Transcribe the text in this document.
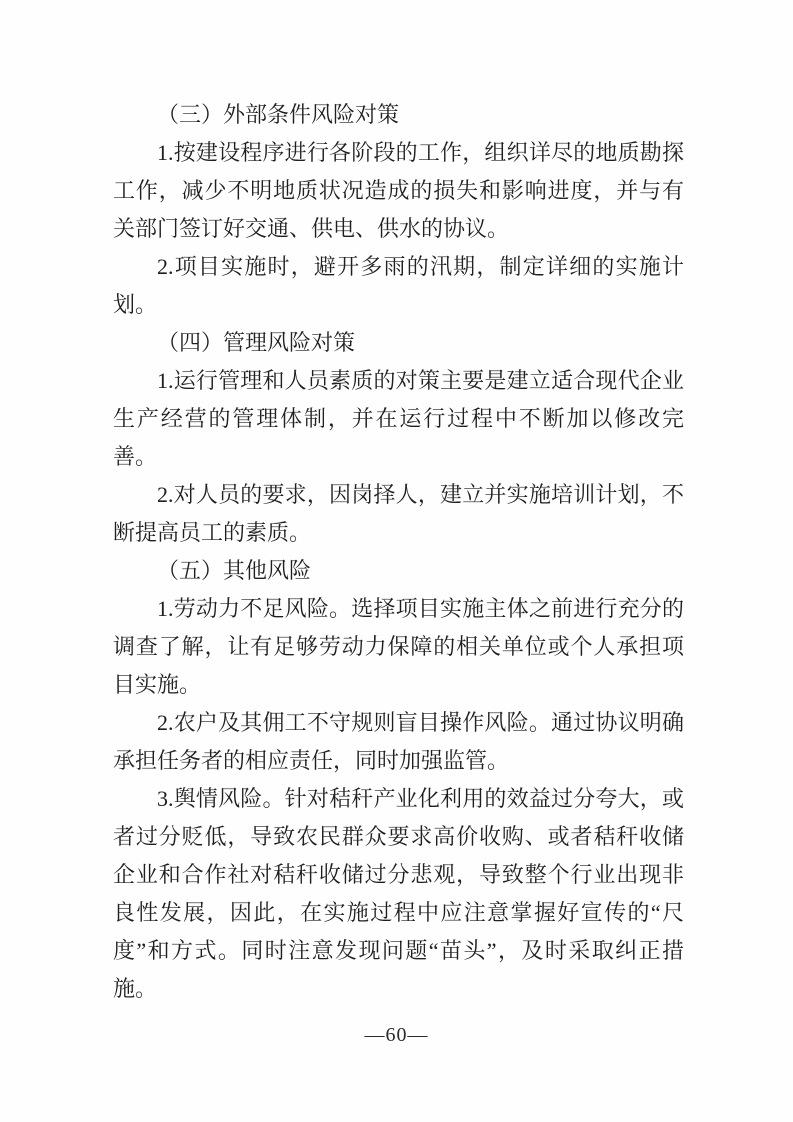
（三）外部条件风险对策

1.按建设程序进行各阶段的工作，组织详尽的地质勘探工作，减少不明地质状况造成的损失和影响进度，并与有关部门签订好交通、供电、供水的协议。

2.项目实施时，避开多雨的汛期，制定详细的实施计划。

（四）管理风险对策

1.运行管理和人员素质的对策主要是建立适合现代企业生产经营的管理体制，并在运行过程中不断加以修改完善。

2.对人员的要求，因岗择人，建立并实施培训计划，不断提高员工的素质。

（五）其他风险

1.劳动力不足风险。选择项目实施主体之前进行充分的调查了解，让有足够劳动力保障的相关单位或个人承担项目实施。

2.农户及其佣工不守规则盲目操作风险。通过协议明确承担任务者的相应责任，同时加强监管。

3.舆情风险。针对秸秆产业化利用的效益过分夸大，或者过分贬低，导致农民群众要求高价收购、或者秸秆收储企业和合作社对秸秆收储过分悲观，导致整个行业出现非良性发展，因此，在实施过程中应注意掌握好宣传的“尺度”和方式。同时注意发现问题“苗头”，及时采取纠正措施。

—60—
